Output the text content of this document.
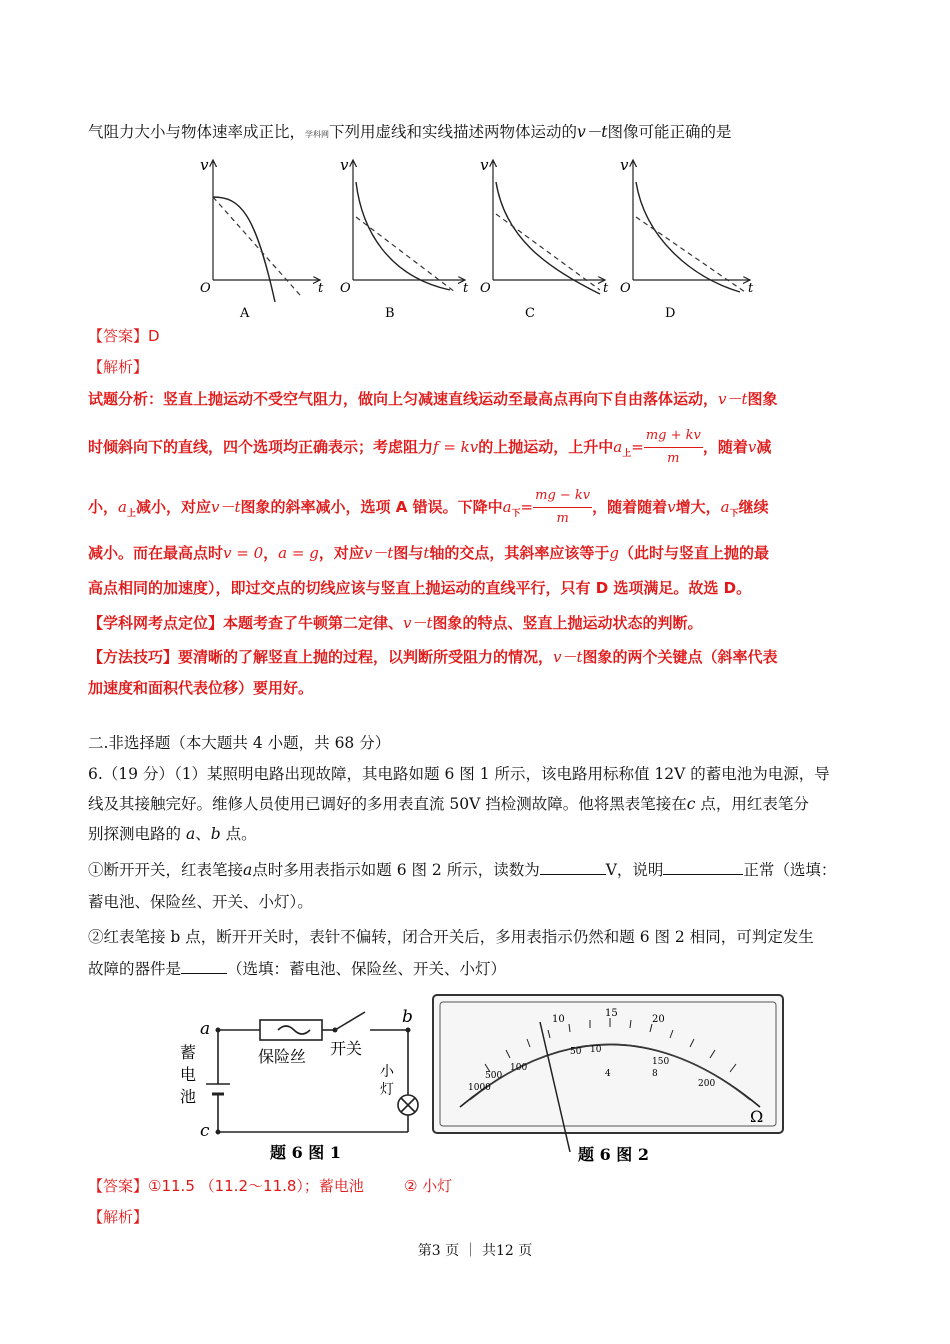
气阻力大小与物体速率成正比，学科网下列用虚线和实线描述两物体运动的v－t图像可能正确的是
v
O	t
A
v
O	t
B
v
O	t
C
v
O	t
D
【答案】D
【解析】
试题分析：竖直上抛运动不受空气阻力，做向上匀减速直线运动至最高点再向下自由落体运动，v－t图象
时倾斜向下的直线，四个选项均正确表示；考虑阻力f = kv的上抛运动，上升中$a_上= \frac{mg + kv}{m}$ ，随着v减
小，$a_上$减小，对应v－t图象的斜率减小，选项 A 错误。下降中$a_下= \frac{mg - kv}{m}$ ，随着随着v增大，$a_下$继续
减小。而在最高点时v = 0，a = g，对应v－t图与t轴的交点，其斜率应该等于g（此时与竖直上抛的最
高点相同的加速度），即过交点的切线应该与竖直上抛运动的直线平行，只有 D 选项满足。故选 D。
【学科网考点定位】本题考查了牛顿第二定律、v－t图象的特点、竖直上抛运动状态的判断。
【方法技巧】要清晰的了解竖直上抛的过程，以判断所受阻力的情况，v－t图象的两个关键点（斜率代表
加速度和面积代表位移）要用好。
二.非选择题（本大题共 4 小题，共 68 分）
6.（19 分）（1）某照明电路出现故障，其电路如题 6 图 1 所示，该电路用标称值 12V 的蓄电池为电源，导
线及其接触完好。维修人员使用已调好的多用表直流 50V 挡检测故障。他将黑表笔接在c 点，用红表笔分
别探测电路的 a、b 点。
①断开开关，红表笔接a点时多用表指示如题 6 图 2 所示，读数为	V，说明	正常（选填：
蓄电池、保险丝、开关、小灯）。
②红表笔接 b 点，断开开关时，表针不偏转，闭合开关后，多用表指示仍然和题 6 图 2 相同，可判定发生
故障的器件是	（选填：蓄电池、保险丝、开关、小灯）
a
b
c
蓄
电
池
保险丝 开关
小
灯
题 6 图 1
10
15
20
100
150
200
1000
500
50 10
4	8
Ω
题 6 图 2
【答案】①11.5 （11.2～11.8）；蓄电池	② 小灯
【解析】
第3 页 ｜ 共12 页
